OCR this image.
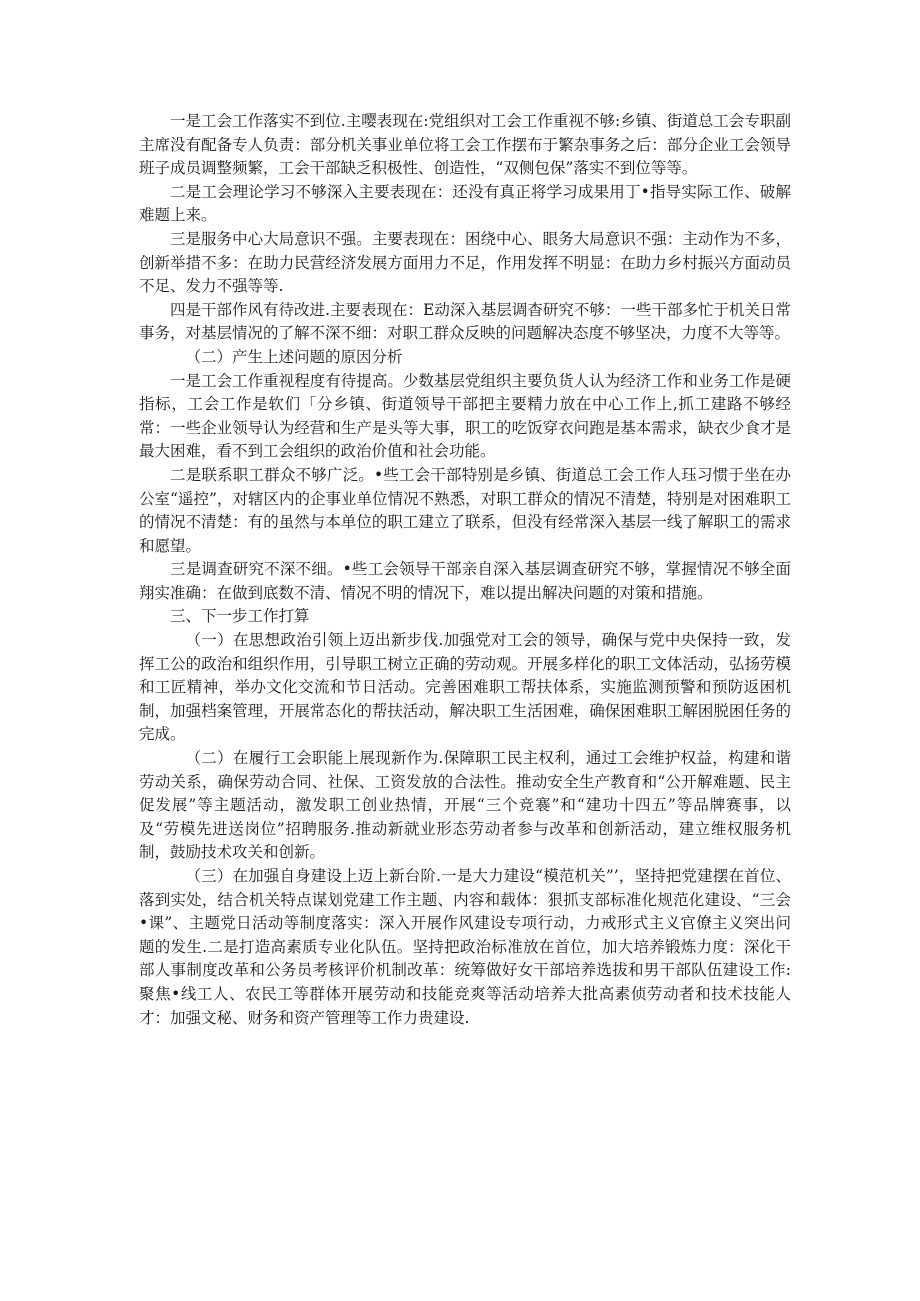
一是工会工作落实不到位.主嘤表现在:党组织对工会工作重视不够:乡镇、街道总工会专职副主席没有配备专人负责：部分机关事业单位将工会工作摆布于繁杂事务之后：部分企业工会领导班子成员调整频繁，工会干部缺乏积极性、创造性，“双侧包保”落实不到位等等。

二是工会理论学习不够深入主要表现在：还没有真正将学习成果用丁•指导实际工作、破解难题上来。

三是服务中心大局意识不强。主要表现在：困绕中心、眼务大局意识不强：主动作为不多，创新举措不多：在助力民营经济发展方面用力不足，作用发挥不明显：在助力乡村振兴方面动员不足、发力不强等等.

四是干部作风有待改进.主要表现在：E动深入基层调杳研究不够：一些干部多忙于机关日常事务，对基层情况的了解不深不细：对职工群众反映的问题解决态度不够坚决，力度不大等等。

（二）产生上述问题的原因分析

一是工会工作重视程度有待提高。少数基层党组织主要负货人认为经济工作和业务工作是硬指标，工会工作是软们「分乡镇、街道领导干部把主要精力放在中心工作上,抓工建路不够经常：一些企业领导认为经营和生产是头等大事，职工的吃饭穿衣问跑是基本需求，缺衣少食才是最大困难，看不到工会组织的政治价值和社会功能。

二是联系职工群众不够广泛。•些工会干部特别是乡镇、街道总工会工作人珏习惯于坐在办公室“遥控”，对辖区内的企事业单位情况不熟悉，对职工群众的情况不清楚，特别是对困难职工的情况不清楚：有的虽然与本单位的职工建立了联系，但没有经常深入基层一线了解职工的需求和愿望。

三是调查研究不深不细。•些工会领导干部亲自深入基层调查研究不够，掌握情况不够全面翔实准确：在做到底数不清、情况不明的情况下，难以提出解决问题的对策和措施。

三、下一步工作打算

（一）在思想政治引领上迈出新步伐.加强党对工会的领导，确保与党中央保持一致，发挥工公的政治和组织作用，引导职工树立正确的劳动观。开展多样化的职工文体活动，弘扬劳模和工匠精神，举办文化交流和节日活动。完善困难职工帮扶体系，实施监测预警和预防返困机制，加强档案管理，开展常态化的帮扶活动，解决职工生活困难，确保困难职工解困脱困任务的完成。

（二）在履行工会职能上展现新作为.保障职工民主权利，通过工会维护权益，构建和谐劳动关系，确保劳动合同、社保、工资发放的合法性。推动安全生产教育和“公开解难题、民主促发展”等主题活动，激发职工创业热情，开展“三个竞褰”和“建功十四五”等品牌赛事，以及“劳模先进送岗位”招聘服务.推动新就业形态劳动者参与改革和创新活动，建立维权服务机制，鼓励技术攻关和创新。

（三）在加强自身建设上迈上新台阶.一是大力建设“模范机关”’，坚持把党建摆在首位、落到实处，结合机关特点谋划党建工作主题、内容和载体：狠抓支部标准化规范化建设、“三会•课”、主题党日活动等制度落实：深入开展作风建设专项行动，力戒形式主义官僚主义突出问题的发生.二是打造高素质专业化队伍。坚持把政治标准放在首位，加大培养锻炼力度：深化干部人事制度改革和公务员考核评价机制改革：统筹做好女干部培养选拔和男干部队伍建设工作:聚焦•线工人、农民工等群体开展劳动和技能竞爽等活动培养大批高素侦劳动者和技术技能人才：加强文秘、财务和资产管理等工作力贵建设.
